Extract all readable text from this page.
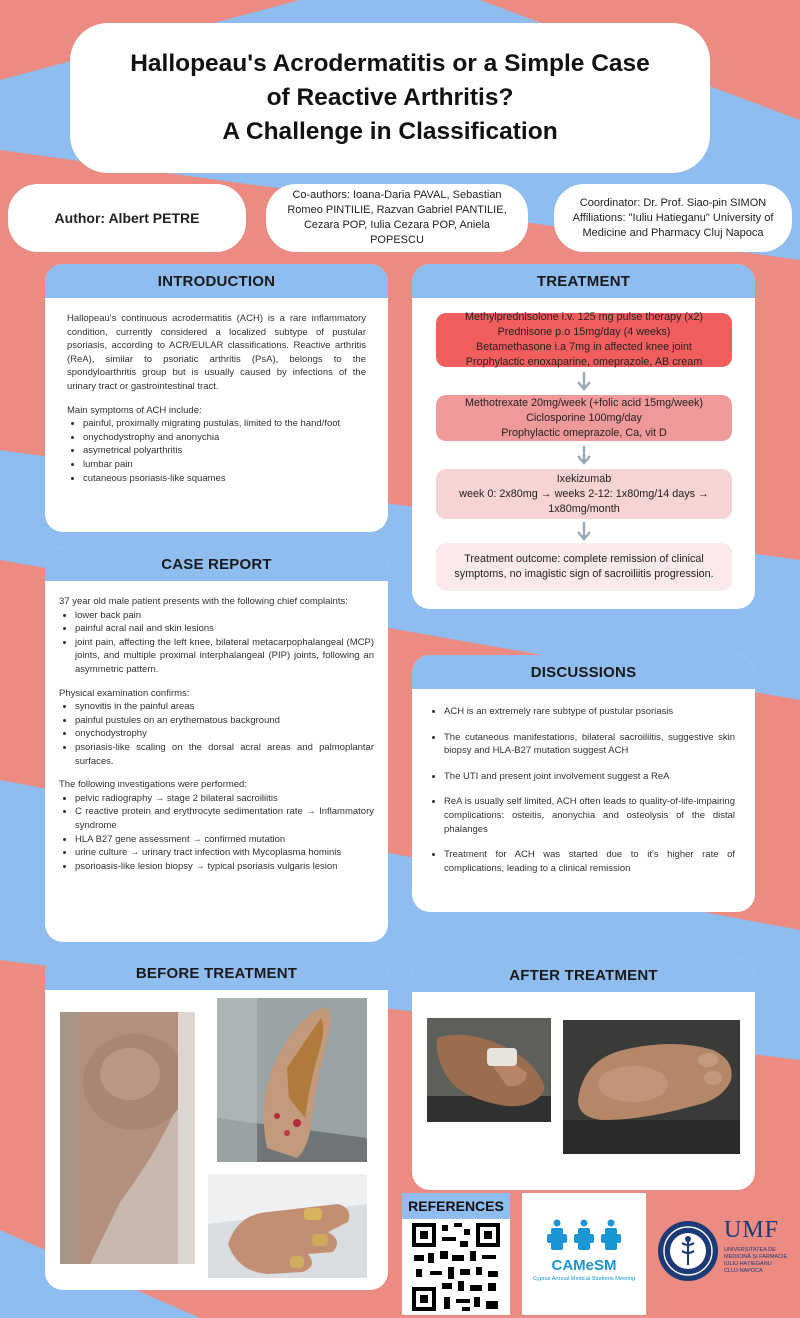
Hallopeau's Acrodermatitis or a Simple Case
of Reactive Arthritis?
A Challenge in Classification
Author: Albert PETRE
Co-authors: Ioana-Daria PAVAL, Sebastian Romeo PINTILIE, Razvan Gabriel PANTILIE, Cezara POP, Iulia Cezara POP, Aniela POPESCU
Coordinator: Dr. Prof. Siao-pin SIMON Affiliations: "Iuliu Hatieganu" University of Medicine and Pharmacy Cluj Napoca
INTRODUCTION

Hallopeau's continuous acrodermatitis (ACH) is a rare inflammatory condition, currently considered a localized subtype of pustular psoriasis, according to ACR/EULAR classifications. Reactive arthritis (ReA), similar to psoriatic arthritis (PsA), belongs to the spondyloarthritis group but is usually caused by infections of the urinary tract or gastrointestinal tract.

Main symptoms of ACH include:
• painful, proximally migrating pustulas, limited to the hand/foot
• onychodystrophy and anonychia
• asymetrical polyarthritis
• lumbar pain
• cutaneous psoriasis-like squames
CASE REPORT
37 year old male patient presents with the following chief complaints:
• lower back pain
• painful acral nail and skin lesions
• joint pain, affecting the left knee, bilateral metacarpophalangeal (MCP) joints, and multiple proximal interphalangeal (PIP) joints, following an asymmetric pattern.
Physical examination confirms:
• synovitis in the painful areas
• painful pustules on an erythematous background
• onychodystrophy
• psoriasis-like scaling on the dorsal acral areas and palmoplantar surfaces.
The following investigations were performed:
• pelvic radiography → stage 2 bilateral sacroiliitis
• C reactive protein and erythrocyte sedimentation rate → Inflammatory syndrome
• HLA B27 gene assessment → confirmed mutation
• urine culture → urinary tract infection with Mycoplasma hominis
• psorioasis-like lesion biopsy → typical psoriasis vulgaris lesion
TREATMENT
Methylprednisolone i.v. 125 mg pulse therapy (x2)
Prednisone p.o 15mg/day (4 weeks)
Betamethasone i.a 7mg in affected knee joint
Prophylactic enoxaparine, omeprazole, AB cream
Methotrexate 20mg/week (+folic acid 15mg/week)
Ciclosporine 100mg/day
Prophylactic omeprazole, Ca, vit D
Ixekizumab
week 0: 2x80mg → weeks 2-12: 1x80mg/14 days →
1x80mg/month
Treatment outcome: complete remission of clinical
symptoms, no imagistic sign of sacroiliitis progression.
DISCUSSIONS
• ACH is an extremely rare subtype of pustular psoriasis
• The cutaneous manifestations, bilateral sacroiliitis, suggestive skin biopsy and HLA-B27 mutation suggest ACH
• The UTI and present joint involvement suggest a ReA
• ReA is usually self limited, ACH often leads to quality-of-life-impairing complications: osteitis, anonychia and osteolysis of the distal phalanges
• Treatment for ACH was started due to it's higher rate of complications, leading to a clinical remission
BEFORE TREATMENT	AFTER TREATMENT
REFERENCES
CAMeSM
Cyprus Annual Medical Students Meeting
UMF
UNIVERSITATEA DE
MEDICINĂ ȘI FARMACIE
IULIU HAȚIEGANU
CLUJ-NAPOCA
